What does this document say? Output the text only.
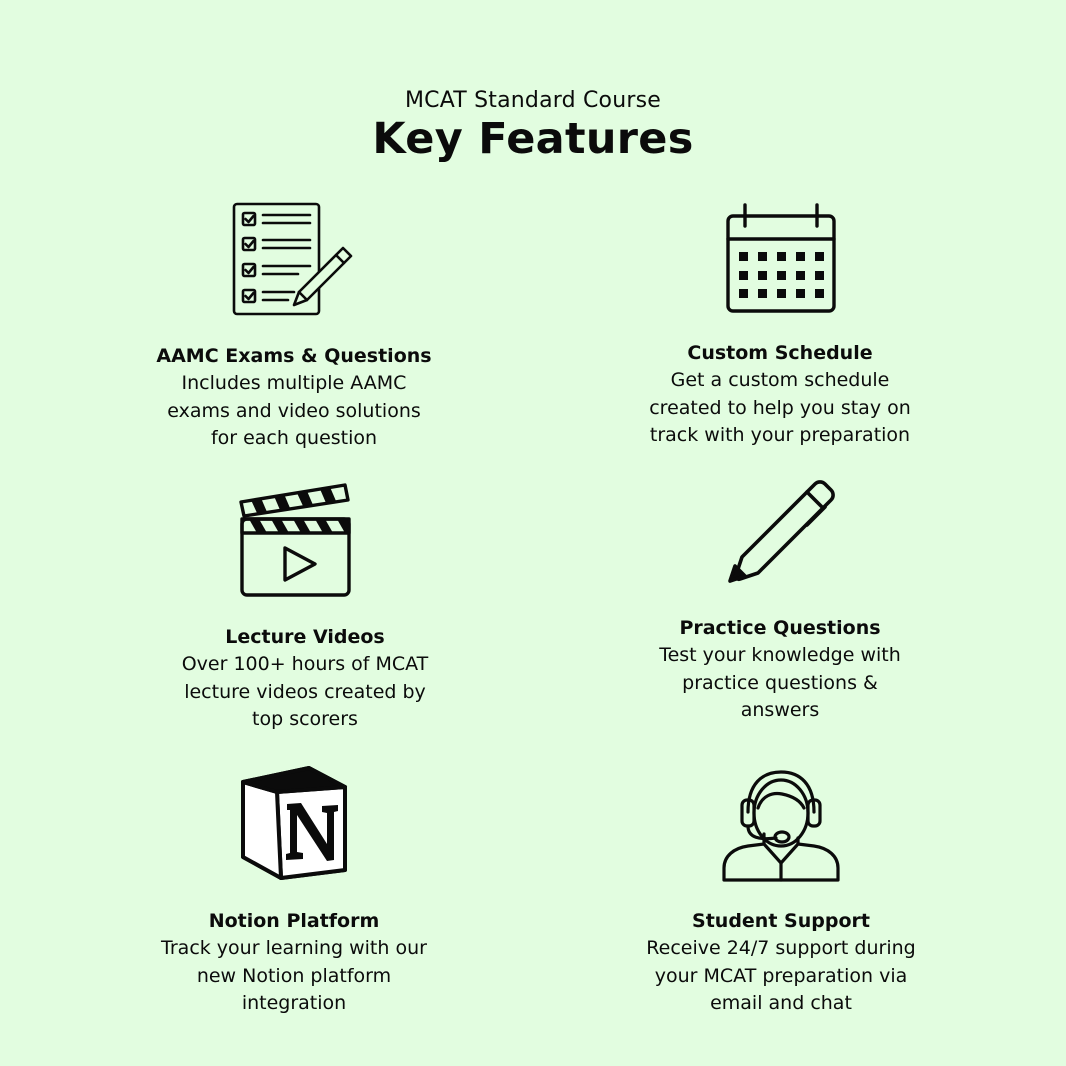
MCAT Standard Course
Key Features
AAMC Exams & Questions
Includes multiple AAMC exams and video solutions for each question
Custom Schedule
Get a custom schedule created to help you stay on track with your preparation
Lecture Videos
Over 100+ hours of MCAT lecture videos created by top scorers
Practice Questions
Test your knowledge with practice questions & answers
Notion Platform
Track your learning with our new Notion platform integration
Student Support
Receive 24/7 support during your MCAT preparation via email and chat
